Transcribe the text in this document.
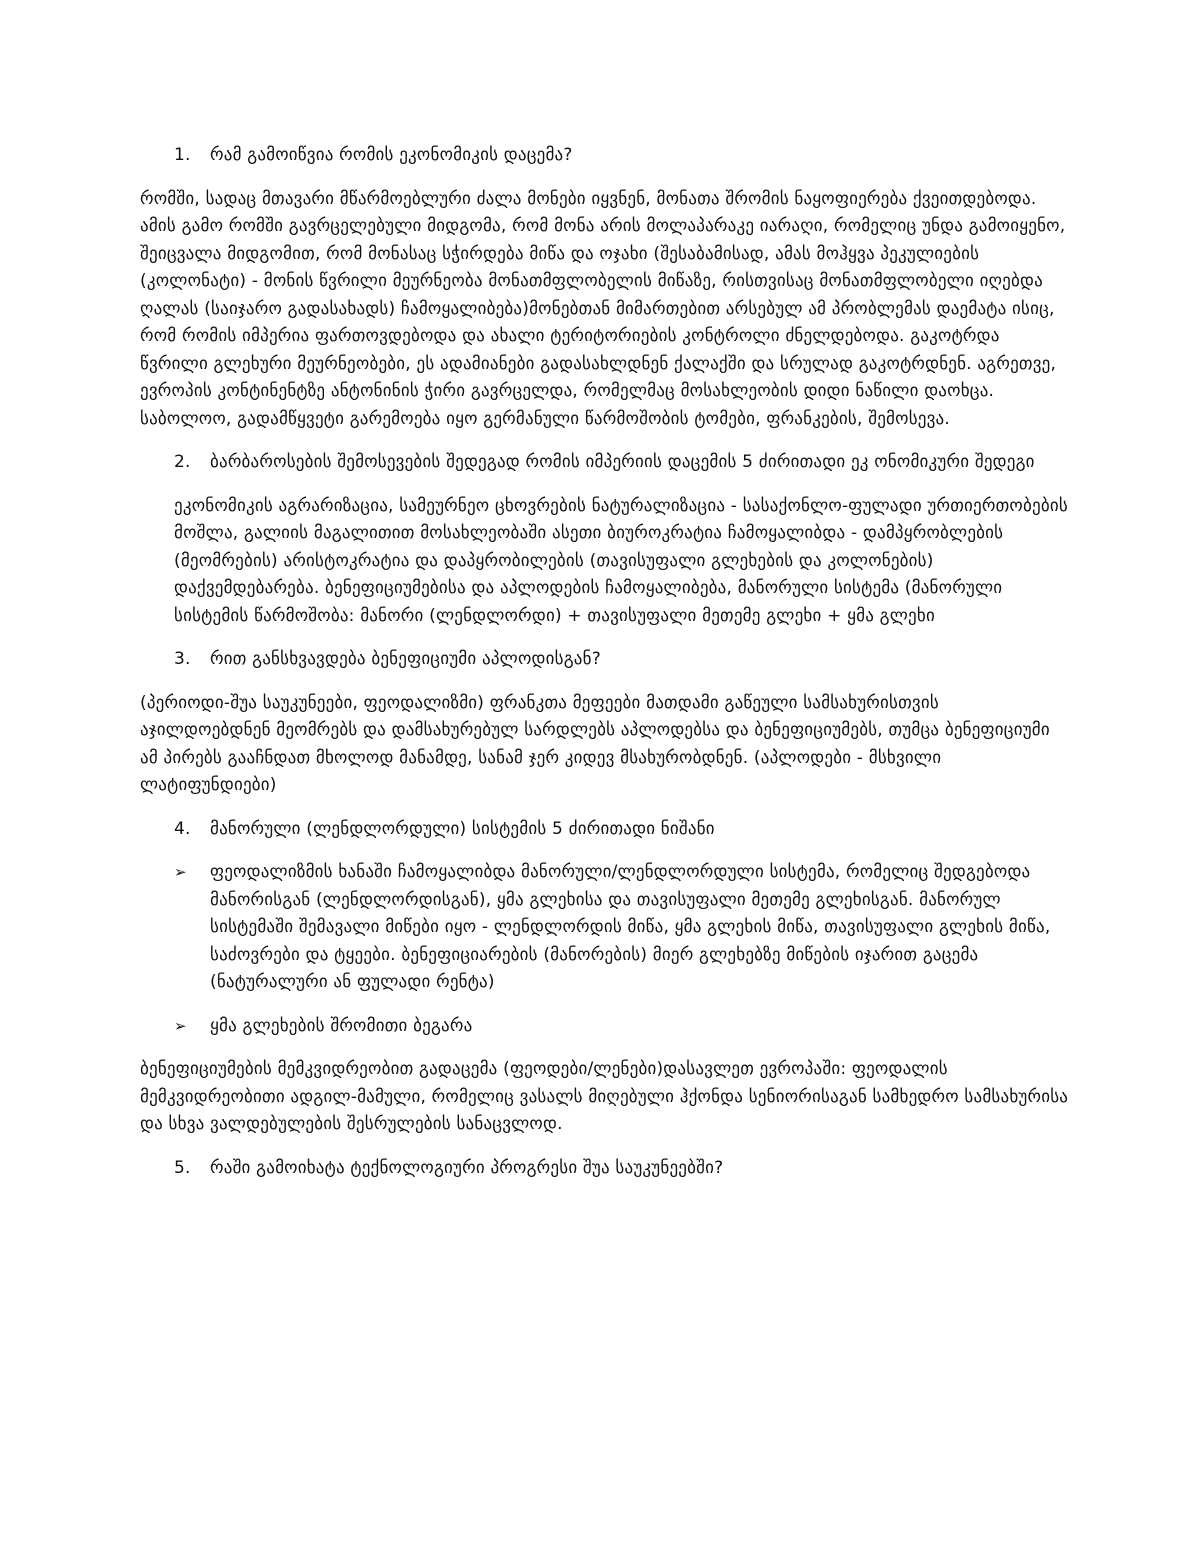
1.	რამ გამოიწვია რომის ეკონომიკის დაცემა?

რომში, სადაც მთავარი მწარმოებლური ძალა მონები იყვნენ, მონათა შრომის ნაყოფიერება ქვეითდებოდა. ამის გამო რომში გავრცელებული მიდგომა, რომ მონა არის მოლაპარაკე იარაღი, რომელიც უნდა გამოიყენო, შეიცვალა მიდგომით, რომ მონასაც სჭირდება მიწა და ოჯახი (შესაბამისად, ამას მოჰყვა პეკულიების (კოლონატი) - მონის წვრილი მეურნეობა მონათმფლობელის მიწაზე, რისთვისაც მონათმფლობელი იღებდა ღალას (საიჯარო გადასახადს) ჩამოყალიბება)მონებთან მიმართებით არსებულ ამ პრობლემას დაემატა ისიც, რომ რომის იმპერია ფართოვდებოდა და ახალი ტერიტორიების კონტროლი ძნელდებოდა. გაკოტრდა წვრილი გლეხური მეურნეობები, ეს ადამიანები გადასახლდნენ ქალაქში და სრულად გაკოტრდნენ. აგრეთვე, ევროპის კონტინენტზე ანტონინის ჭირი გავრცელდა, რომელმაც მოსახლეობის დიდი ნაწილი დაოხცა. საბოლოო, გადამწყვეტი გარემოება იყო გერმანული წარმოშობის ტომები, ფრანკების, შემოსევა.

2.	ბარბაროსების შემოსევების შედეგად რომის იმპერიის დაცემის 5 ძირითადი ეკ ონომიკური შედეგი

ეკონომიკის აგრარიზაცია, სამეურნეო ცხოვრების ნატურალიზაცია - სასაქონლო-ფულადი ურთიერთობების მოშლა, გალიის მაგალითით მოსახლეობაში ასეთი ბიუროკრატია ჩამოყალიბდა - დამპყრობლების (მეომრების) არისტოკრატია და დაპყრობილების (თავისუფალი გლეხების და კოლონების) დაქვემდებარება. ბენეფიციუმებისა და აპლოდების ჩამოყალიბება, მანორული სისტემა (მანორული სისტემის წარმოშობა: მანორი (ლენდლორდი) + თავისუფალი მეთემე გლეხი + ყმა გლეხი

3.	რით განსხვავდება ბენეფიციუმი აპლოდისგან?

(პერიოდი-შუა საუკუნეები, ფეოდალიზმი) ფრანკთა მეფეები მათდამი გაწეული სამსახურისთვის აჯილდოებდნენ მეომრებს და დამსახურებულ სარდლებს აპლოდებსა და ბენეფიციუმებს, თუმცა ბენეფიციუმი ამ პირებს გააჩნდათ მხოლოდ მანამდე, სანამ ჯერ კიდევ მსახურობდნენ. (აპლოდები - მსხვილი ლატიფუნდიები)

4.	მანორული (ლენდლორდული) სისტემის 5 ძირითადი ნიშანი
➢	ფეოდალიზმის ხანაში ჩამოყალიბდა მანორული/ლენდლორდული სისტემა, რომელიც შედგებოდა მანორისგან (ლენდლორდისგან), ყმა გლეხისა და თავისუფალი მეთემე გლეხისგან. მანორულ სისტემაში შემავალი მიწები იყო - ლენდლორდის მიწა, ყმა გლეხის მიწა, თავისუფალი გლეხის მიწა, საძოვრები და ტყეები. ბენეფიციარების (მანორების) მიერ გლეხებზე მიწების იჯარით გაცემა (ნატურალური ან ფულადი რენტა)
➢	ყმა გლეხების შრომითი ბეგარა

ბენეფიციუმების მემკვიდრეობით გადაცემა (ფეოდები/ლენები)დასავლეთ ევროპაში: ფეოდალის მემკვიდრეობითი ადგილ-მამული, რომელიც ვასალს მიღებული ჰქონდა სენიორისაგან სამხედრო სამსახურისა და სხვა ვალდებულების შესრულების სანაცვლოდ.

5.	რაში გამოიხატა ტექნოლოგიური პროგრესი შუა საუკუნეებში?
